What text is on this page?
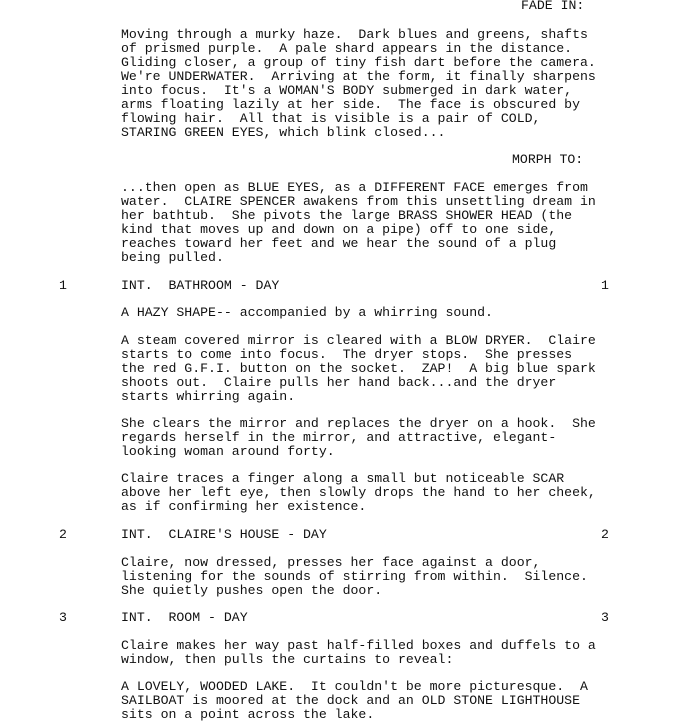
FADE IN:
Moving through a murky haze.  Dark blues and greens, shafts
of prismed purple.  A pale shard appears in the distance.
Gliding closer, a group of tiny fish dart before the camera.
We're UNDERWATER.  Arriving at the form, it finally sharpens
into focus.  It's a WOMAN'S BODY submerged in dark water,
arms floating lazily at her side.  The face is obscured by
flowing hair.  All that is visible is a pair of COLD,
STARING GREEN EYES, which blink closed...
MORPH TO:
...then open as BLUE EYES, as a DIFFERENT FACE emerges from
water.  CLAIRE SPENCER awakens from this unsettling dream in
her bathtub.  She pivots the large BRASS SHOWER HEAD (the
kind that moves up and down on a pipe) off to one side,
reaches toward her feet and we hear the sound of a plug
being pulled.
1	INT.  BATHROOM - DAY	1
A HAZY SHAPE-- accompanied by a whirring sound.
A steam covered mirror is cleared with a BLOW DRYER.  Claire
starts to come into focus.  The dryer stops.  She presses
the red G.F.I. button on the socket.  ZAP!  A big blue spark
shoots out.  Claire pulls her hand back...and the dryer
starts whirring again.
She clears the mirror and replaces the dryer on a hook.  She
regards herself in the mirror, and attractive, elegant-
looking woman around forty.
Claire traces a finger along a small but noticeable SCAR
above her left eye, then slowly drops the hand to her cheek,
as if confirming her existence.
2	INT.  CLAIRE'S HOUSE - DAY	2
Claire, now dressed, presses her face against a door,
listening for the sounds of stirring from within.  Silence.
She quietly pushes open the door.
3	INT.  ROOM - DAY	3
Claire makes her way past half-filled boxes and duffels to a
window, then pulls the curtains to reveal:
A LOVELY, WOODED LAKE.  It couldn't be more picturesque.  A
SAILBOAT is moored at the dock and an OLD STONE LIGHTHOUSE
sits on a point across the lake.
